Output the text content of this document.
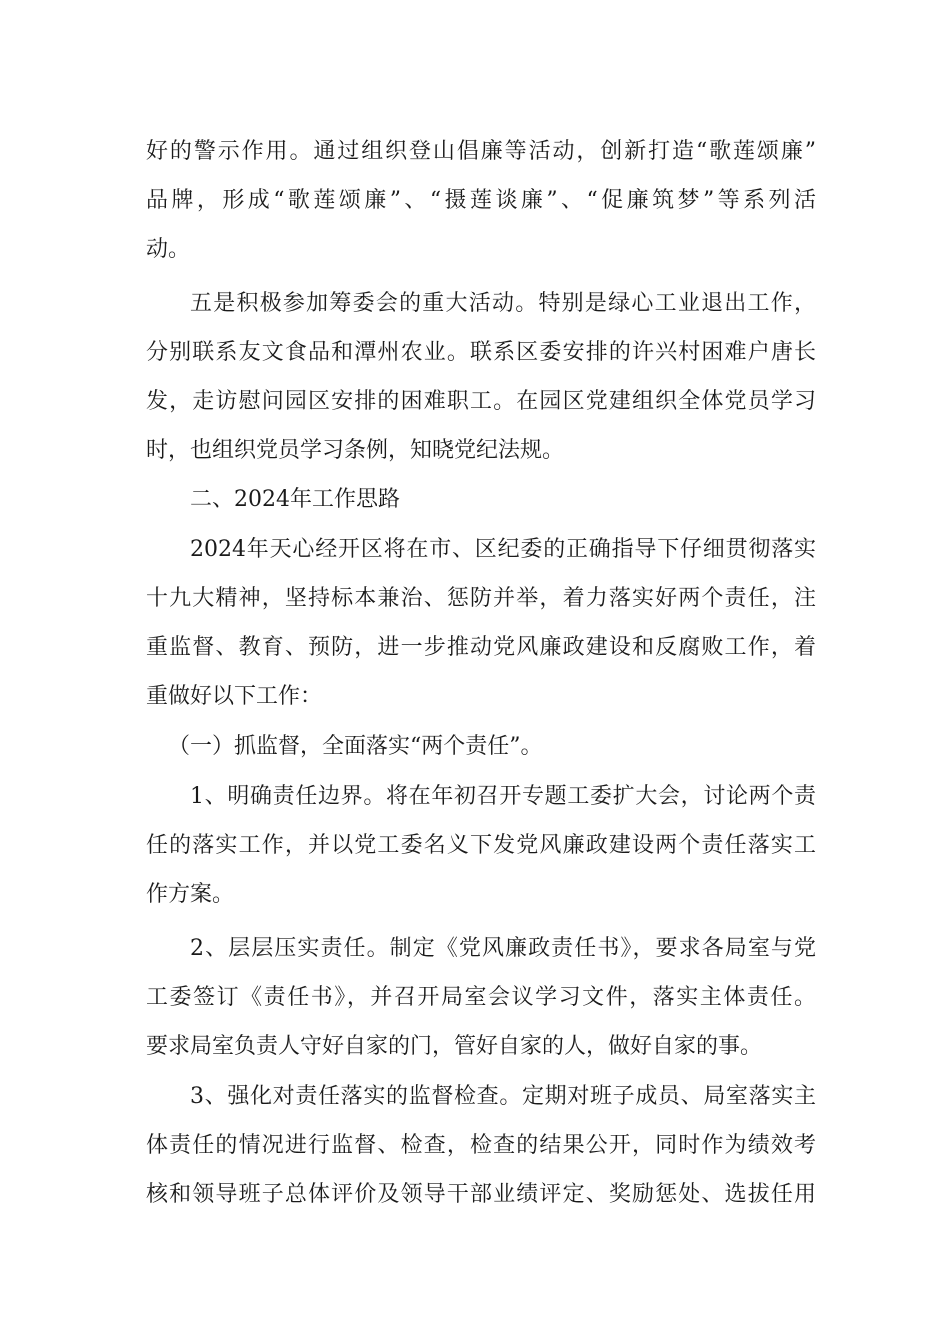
好的警示作用。通过组织登山倡廉等活动，创新打造“歌莲颂廉”
品牌，形成“歌莲颂廉”、“摄莲谈廉”、“促廉筑梦”等系列活
动。
五是积极参加筹委会的重大活动。特别是绿心工业退出工作，
分别联系友文食品和潭州农业。联系区委安排的许兴村困难户唐长
发，走访慰问园区安排的困难职工。在园区党建组织全体党员学习
时，也组织党员学习条例，知晓党纪法规。
二、2024年工作思路
2024年天心经开区将在市、区纪委的正确指导下仔细贯彻落实
十九大精神，坚持标本兼治、惩防并举，着力落实好两个责任，注
重监督、教育、预防，进一步推动党风廉政建设和反腐败工作，着
重做好以下工作：
（一）抓监督，全面落实“两个责任”。
1、明确责任边界。将在年初召开专题工委扩大会，讨论两个责
任的落实工作，并以党工委名义下发党风廉政建设两个责任落实工
作方案。
2、层层压实责任。制定《党风廉政责任书》，要求各局室与党
工委签订《责任书》，并召开局室会议学习文件，落实主体责任。
要求局室负责人守好自家的门，管好自家的人，做好自家的事。
3、强化对责任落实的监督检查。定期对班子成员、局室落实主
体责任的情况进行监督、检查，检查的结果公开，同时作为绩效考
核和领导班子总体评价及领导干部业绩评定、奖励惩处、选拔任用
